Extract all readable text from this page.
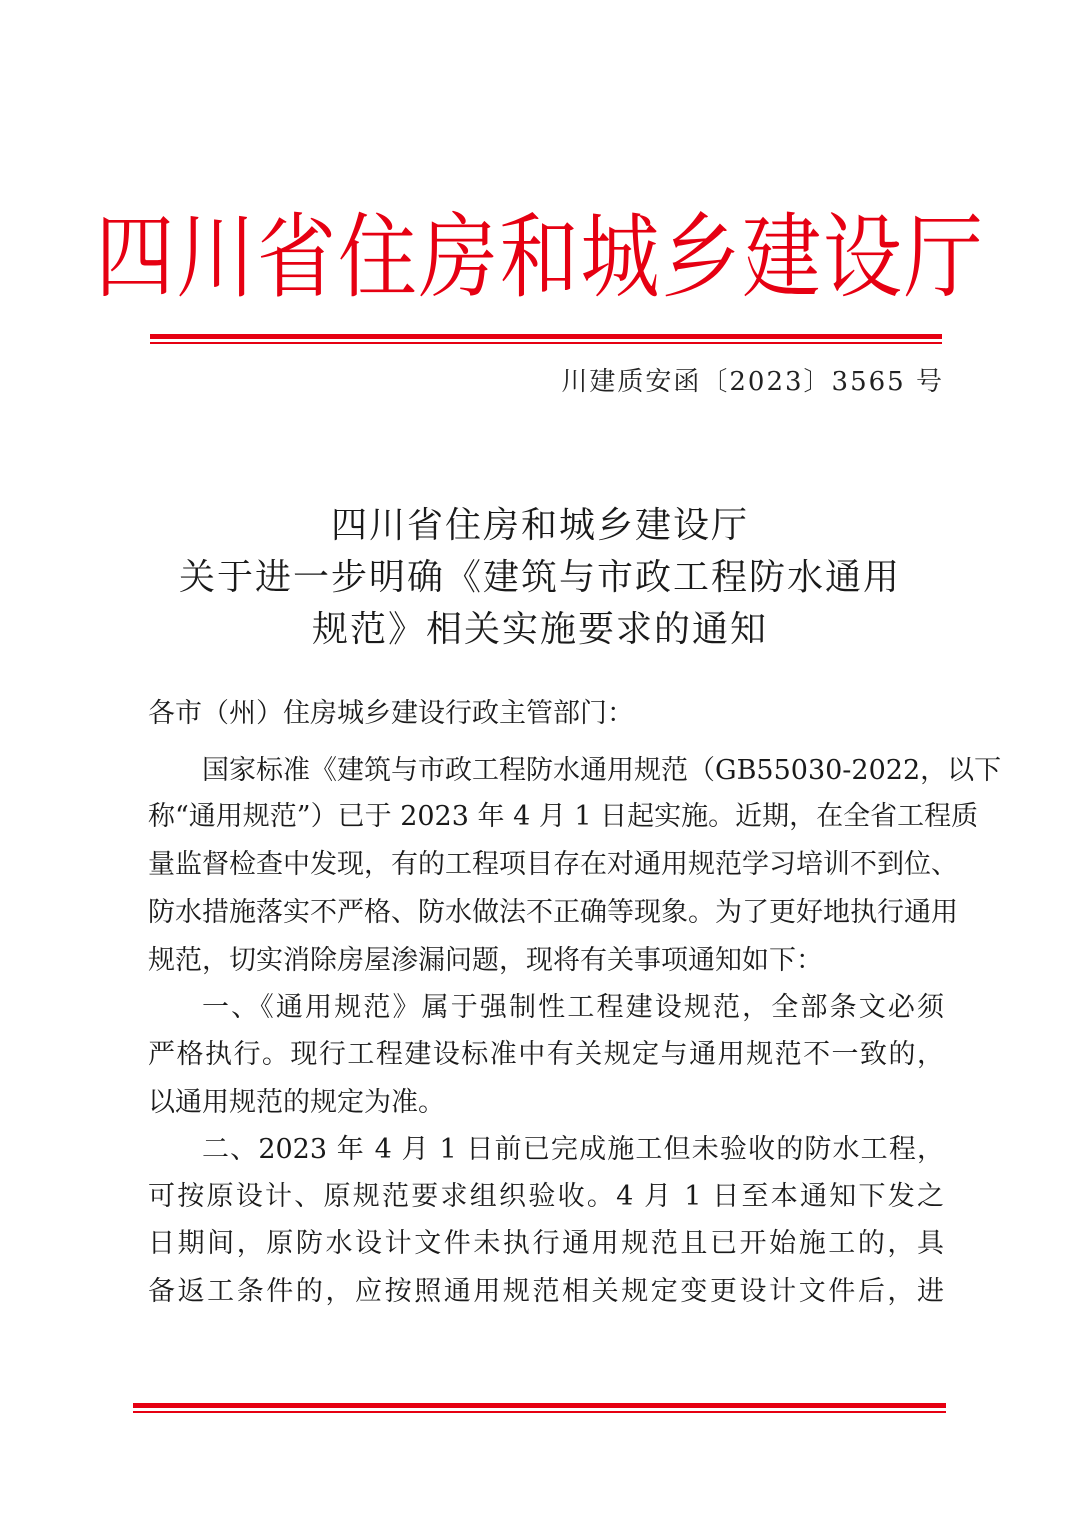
四川省住房和城乡建设厅
川建质安函〔2023〕3565 号
四川省住房和城乡建设厅
关于进一步明确《建筑与市政工程防水通用
规范》相关实施要求的通知
各市（州）住房城乡建设行政主管部门：
国家标准《建筑与市政工程防水通用规范（GB55030-2022，以下
称“通用规范”）已于 2023 年 4 月 1 日起实施。近期，在全省工程质
量监督检查中发现，有的工程项目存在对通用规范学习培训不到位、
防水措施落实不严格、防水做法不正确等现象。为了更好地执行通用
规范，切实消除房屋渗漏问题，现将有关事项通知如下：
一、《通用规范》属于强制性工程建设规范，全部条文必须
严格执行。现行工程建设标准中有关规定与通用规范不一致的，
以通用规范的规定为准。
二、2023 年 4 月 1 日前已完成施工但未验收的防水工程，
可按原设计、原规范要求组织验收。4 月 1 日至本通知下发之
日期间，原防水设计文件未执行通用规范且已开始施工的，具
备返工条件的，应按照通用规范相关规定变更设计文件后，进
